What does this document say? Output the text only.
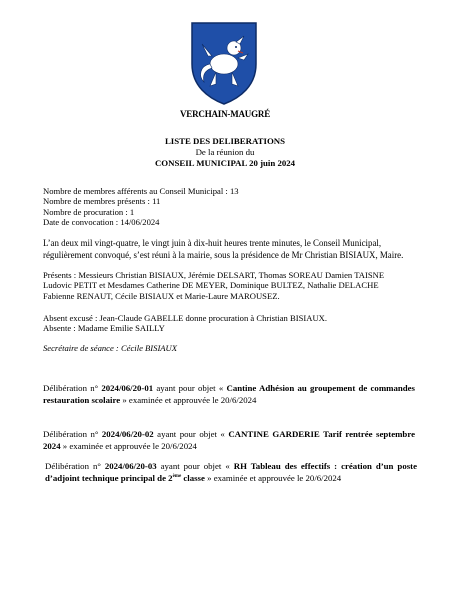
VERCHAIN-MAUGRÉ
LISTE DES DELIBERATIONS
De la réunion du
CONSEIL MUNICIPAL 20 juin 2024

Nombre de membres afférents au Conseil Municipal : 13

Nombre de membres présents : 11

Nombre de procuration : 1

Date de convocation : 14/06/2024

L’an deux mil vingt-quatre, le vingt juin à dix-huit heures trente minutes, le Conseil Municipal,

régulièrement convoqué, s’est réuni à la mairie, sous la présidence de Mr Christian BISIAUX, Maire.

Présents : Messieurs Christian BISIAUX, Jérémie DELSART, Thomas SOREAU Damien TAISNE

Ludovic PETIT et Mesdames Catherine DE MEYER, Dominique BULTEZ, Nathalie DELACHE

Fabienne RENAUT, Cécile BISIAUX et Marie-Laure MAROUSEZ.

Absent excusé : Jean-Claude GABELLE donne procuration à Christian BISIAUX.

Absente : Madame Emilie SAILLY

Secrétaire de séance : Cécile BISIAUX
Délibération n° 2024/06/20-01 ayant pour objet « Cantine Adhésion au groupement de commandes restauration scolaire » examinée et approuvée le 20/6/2024
Délibération n° 2024/06/20-02 ayant pour objet « CANTINE GARDERIE Tarif rentrée septembre 2024 » examinée et approuvée le 20/6/2024
Délibération n° 2024/06/20-03 ayant pour objet « RH Tableau des effectifs : création d’un poste d’adjoint technique principal de 2ème classe » examinée et approuvée le 20/6/2024
